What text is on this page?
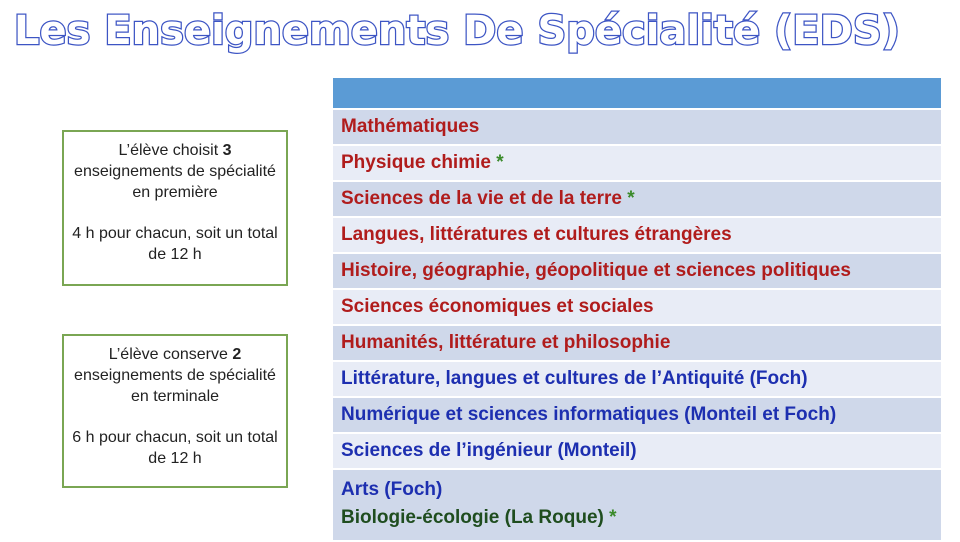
Les Enseignements De Spécialité (EDS)

L’élève choisit 3 enseignements de spécialité en première

4 h pour chacun, soit un total de 12 h

L’élève conserve 2 enseignements de spécialité en terminale

6 h pour chacun, soit un total de 12 h

Mathématiques
Physique chimie *
Sciences de la vie et de la terre *
Langues, littératures et cultures étrangères
Histoire, géographie, géopolitique et sciences politiques
Sciences économiques et sociales
Humanités, littérature et philosophie
Littérature, langues et cultures de l’Antiquité (Foch)
Numérique et sciences informatiques (Monteil et Foch)
Sciences de l’ingénieur (Monteil)
Arts (Foch)
Biologie-écologie (La Roque) *
